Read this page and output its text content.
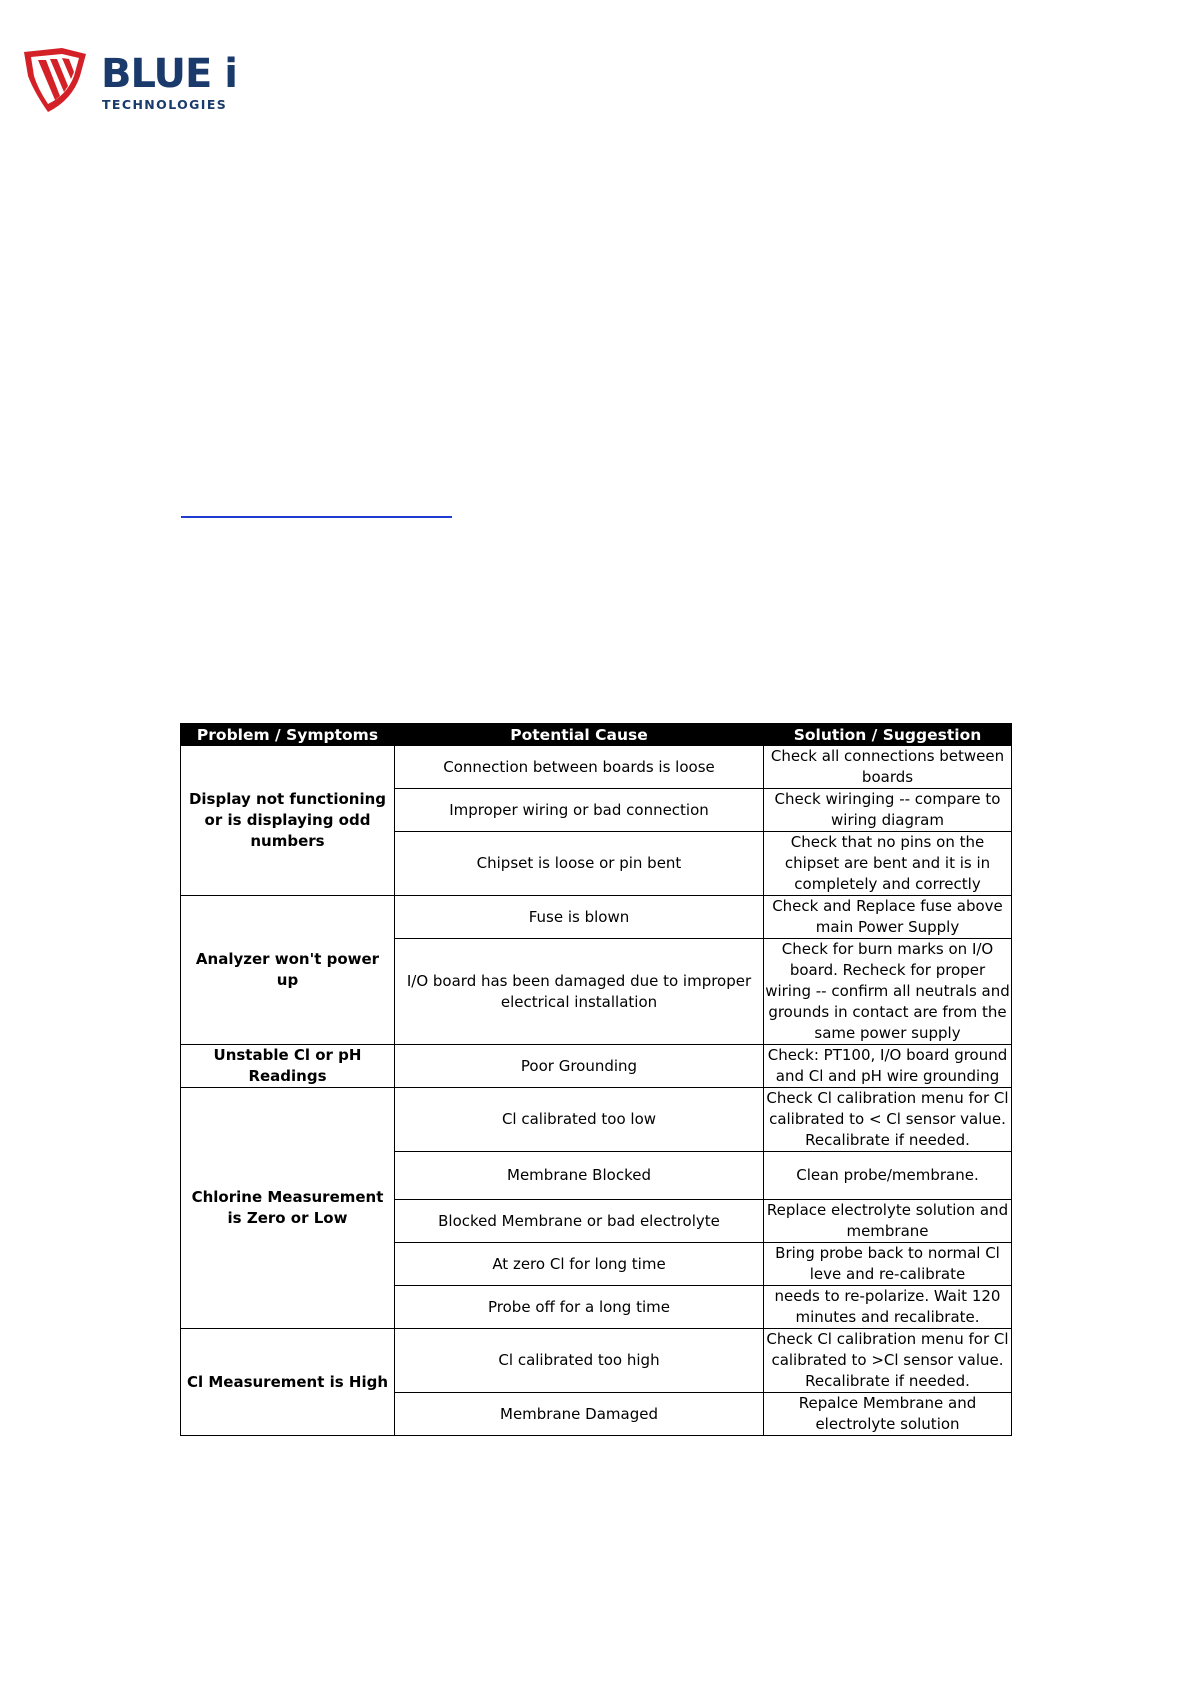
BLUE i
TECHNOLOGIES
Problem / Symptoms	Potential Cause	Solution / Suggestion
Display not functioning or is displaying odd numbers	Connection between boards is loose	Check all connections between boards
	Improper wiring or bad connection	Check wiringing -- compare to wiring diagram
	Chipset is loose or pin bent	Check that no pins on the chipset are bent and it is in completely and correctly
Analyzer won't power up	Fuse is blown	Check and Replace fuse above main Power Supply
	I/O board has been damaged due to improper electrical installation	Check for burn marks on I/O board. Recheck for proper wiring -- confirm all neutrals and grounds in contact are from the same power supply
Unstable Cl or pH Readings	Poor Grounding	Check: PT100, I/O board ground and Cl and pH wire grounding
Chlorine Measurement is Zero or Low	Cl calibrated too low	Check Cl calibration menu for Cl calibrated to < Cl sensor value. Recalibrate if needed.
	Membrane Blocked	Clean probe/membrane.
	Blocked Membrane or bad electrolyte	Replace electrolyte solution and membrane
	At zero Cl for long time	Bring probe back to normal Cl leve and re-calibrate
	Probe off for a long time	needs to re-polarize. Wait 120 minutes and recalibrate.
Cl Measurement is High	Cl calibrated too high	Check Cl calibration menu for Cl calibrated to >Cl sensor value. Recalibrate if needed.
	Membrane Damaged	Repalce Membrane and electrolyte solution
